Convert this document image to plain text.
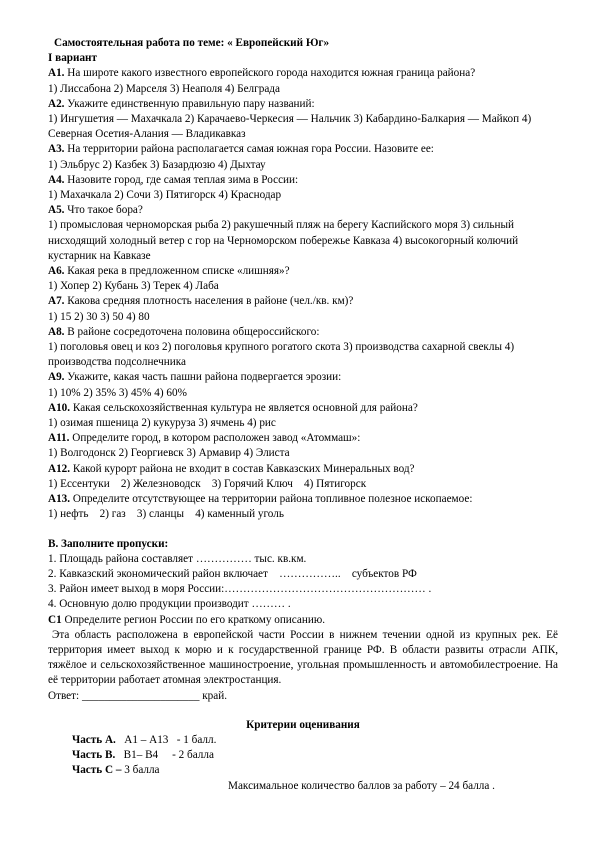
Самостоятельная работа по теме: « Европейский Юг»
I вариант
А1. На широте какого известного европейского города находится южная граница района?
1) Лиссабона 2) Марселя 3) Неаполя 4) Белграда
А2. Укажите единственную правильную пару названий:
1) Ингушетия — Махачкала 2) Карачаево-Черкесия — Нальчик 3) Кабардино-Балкария — Майкоп 4) Северная Осетия-Алания — Владикавказ
А3. На территории района располагается самая южная гора России. Назовите ее:
1) Эльбрус 2) Казбек 3) Базардюзю 4) Дыхтау
А4. Назовите город, где самая теплая зима в России:
1) Махачкала 2) Сочи 3) Пятигорск 4) Краснодар
А5. Что такое бора?
1) промысловая черноморская рыба 2) ракушечный пляж на берегу Каспийского моря 3) сильный нисходящий холодный ветер с гор на Черноморском побережье Кавказа 4) высокогорный колючий кустарник на Кавказе
А6. Какая река в предложенном списке «лишняя»?
1) Хопер 2) Кубань 3) Терек 4) Лаба
А7. Какова средняя плотность населения в районе (чел./кв. км)?
1) 15 2) 30 3) 50 4) 80
А8. В районе сосредоточена половина общероссийского:
1) поголовья овец и коз 2) поголовья крупного рогатого скота 3) производства сахарной свеклы 4) производства подсолнечника
А9. Укажите, какая часть пашни района подвергается эрозии:
1) 10% 2) 35% 3) 45% 4) 60%
А10. Какая сельскохозяйственная культура не является основной для района?
1) озимая пшеница 2) кукуруза 3) ячмень 4) рис
А11. Определите город, в котором расположен завод «Атоммаш»:
1) Волгодонск 2) Георгиевск 3) Армавир 4) Элиста
А12. Какой курорт района не входит в состав Кавказских Минеральных вод?
1) Ессентуки    2) Железноводск    3) Горячий Ключ    4) Пятигорск
А13. Определите отсутствующее на территории района топливное полезное ископаемое:
1) нефть    2) газ    3) сланцы    4) каменный уголь
В. Заполните пропуски:
1. Площадь района составляет …………… тыс. кв.км.
2. Кавказский экономический район включает    ……………..    субъектов РФ
3. Район имеет выход в моря России:……………………………………………… .
4. Основную долю продукции производит ……… .
С1 Определите регион России по его краткому описанию.
Эта область расположена в европейской части России в нижнем течении одной из крупных рек. Её территория имеет выход к морю и к государственной границе РФ. В области развиты отрасли АПК, тяжёлое и сельскохозяйственное машиностроение, угольная промышленность и автомобилестроение. На её территории работает атомная электростанция.
Ответ: _____________________ край.
Критерии оценивания
Часть А.   А1 – А13   - 1 балл.
Часть В.   В1– В4     - 2 балла
Часть С – 3 балла
Максимальное количество баллов за работу – 24 балла .
